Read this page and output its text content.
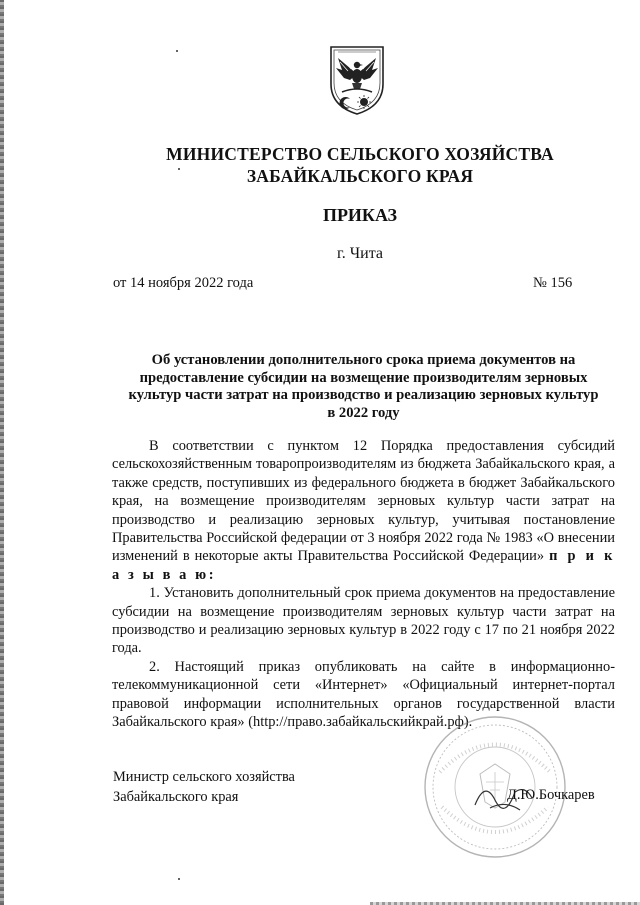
МИНИСТЕРСТВО СЕЛЬСКОГО ХОЗЯЙСТВА
ЗАБАЙКАЛЬСКОГО КРАЯ
ПРИКАЗ
г. Чита
от 14 ноября 2022 года	№ 156
Об установлении дополнительного срока приема документов на
предоставление субсидии на возмещение производителям зерновых
культур части затрат на производство и реализацию зерновых культур
в 2022 году

В соответствии с пунктом 12 Порядка предоставления субсидий сельскохозяйственным товаропроизводителям из бюджета Забайкальского края, а также средств, поступивших из федерального бюджета в бюджет Забайкальского края, на возмещение производителям зерновых культур части затрат на производство и реализацию зерновых культур, учитывая постановление Правительства Российской федерации от 3 ноября 2022 года № 1983 «О внесении изменений в некоторые акты Правительства Российской Федерации» п р и к а з ы в а ю:

1. Установить дополнительный срок приема документов на предоставление субсидии на возмещение производителям зерновых культур части затрат на производство и реализацию зерновых культур в 2022 году с 17 по 21 ноября 2022 года.

2. Настоящий приказ опубликовать на сайте в информационно-телекоммуникационной сети «Интернет» «Официальный интернет-портал правовой информации исполнительных органов государственной власти Забайкальского края» (http://право.забайкальскийкрай.рф).

Министр сельского хозяйства
Забайкальского края	Д.Ю.Бочкарев
